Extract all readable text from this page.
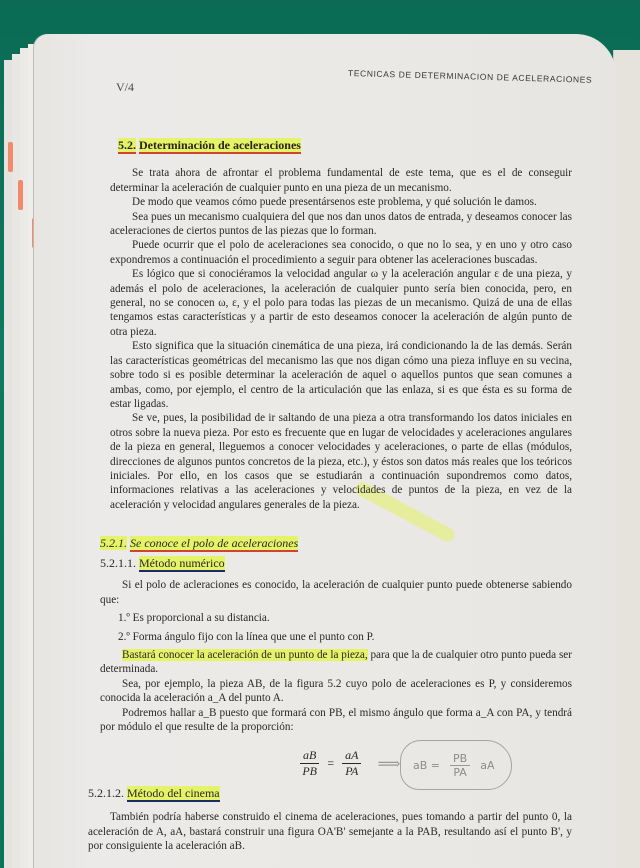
V/4
TECNICAS DE DETERMINACION DE ACELERACIONES

5.2. Determinación de aceleraciones

Se trata ahora de afrontar el problema fundamental de este tema, que es el de conseguir determinar la aceleración de cualquier punto en una pieza de un mecanismo.

De modo que veamos cómo puede presentársenos este problema, y qué solución le damos.

Sea pues un mecanismo cualquiera del que nos dan unos datos de entrada, y deseamos conocer las aceleraciones de ciertos puntos de las piezas que lo forman.

Puede ocurrir que el polo de aceleraciones sea conocido, o que no lo sea, y en uno y otro caso expondremos a continuación el procedimiento a seguir para obtener las aceleraciones buscadas.

Es lógico que si conociéramos la velocidad angular ω y la aceleración angular ε de una pieza, y además el polo de aceleraciones, la aceleración de cualquier punto sería bien conocida, pero, en general, no se conocen ω, ε, y el polo para todas las piezas de un mecanismo. Quizá de una de ellas tengamos estas características y a partir de esto deseamos conocer la aceleración de algún punto de otra pieza.

Esto significa que la situación cinemática de una pieza, irá condicionando la de las demás. Serán las características geométricas del mecanismo las que nos digan cómo una pieza influye en su vecina, sobre todo si es posible determinar la aceleración de aquel o aquellos puntos que sean comunes a ambas, como, por ejemplo, el centro de la articulación que las enlaza, si es que ésta es su forma de estar ligadas.

Se ve, pues, la posibilidad de ir saltando de una pieza a otra transformando los datos iniciales en otros sobre la nueva pieza. Por esto es frecuente que en lugar de velocidades y aceleraciones angulares de la pieza en general, lleguemos a conocer velocidades y aceleraciones, o parte de ellas (módulos, direcciones de algunos puntos concretos de la pieza, etc.), y éstos son datos más reales que los teóricos iniciales. Por ello, en los casos que se estudiarán a continuación supondremos como datos, informaciones relativas a las aceleraciones y velocidades de puntos de la pieza, en vez de la aceleración y velocidad angulares generales de la pieza.

5.2.1. Se conoce el polo de aceleraciones

5.2.1.1. Método numérico

Si el polo de acleraciones es conocido, la aceleración de cualquier punto puede obtenerse sabiendo que:

1.º Es proporcional a su distancia.
2.º Forma ángulo fijo con la línea que une el punto con P.

Bastará conocer la aceleración de un punto de la pieza, para que la de cualquier otro punto pueda ser determinada.

Sea, por ejemplo, la pieza AB, de la figura 5.2 cuyo polo de aceleraciones es P, y consideremos conocida la aceleración a_A del punto A.

Podremos hallar a_B puesto que formará con PB, el mismo ángulo que forma a_A con PA, y tendrá por módulo el que resulte de la proporción:

$\frac{aB}{PB} = \frac{aA}{PA}$ ⟹ aB = $\frac{PB}{PA}$ aA

5.2.1.2. Método del cinema

También podría haberse construido el cinema de aceleraciones, pues tomando a partir del punto 0, la aceleración de A, aA, bastará construir una figura OA'B' semejante a la PAB, resultando así el punto B', y por consiguiente la aceleración aB.
